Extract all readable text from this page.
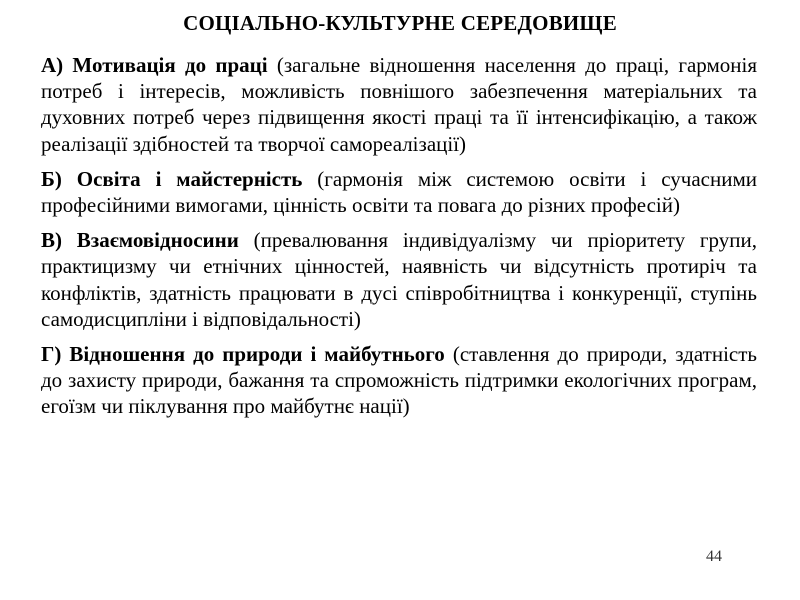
СОЦІАЛЬНО-КУЛЬТУРНЕ СЕРЕДОВИЩЕ

А) Мотивація до праці (загальне відношення населення до праці, гармонія потреб і інтересів, можливість повнішого забезпечення матеріальних та духовних потреб через підвищення якості праці та її інтенсифікацію, а також реалізації здібностей та творчої самореалізації)

Б) Освіта і майстерність (гармонія між системою освіти і сучасними професійними вимогами, цінність освіти та повага до різних професій)

В) Взаємовідносини (превалювання індивідуалізму чи пріоритету групи, практицизму чи етнічних цінностей, наявність чи відсутність протиріч та конфліктів, здатність працювати в дусі співробітництва і конкуренції, ступінь самодисципліни і відповідальності)

Г) Відношення до природи і майбутнього (ставлення до природи, здатність до захисту природи, бажання та спроможність підтримки екологічних програм, егоїзм чи піклування про майбутнє нації)

44
